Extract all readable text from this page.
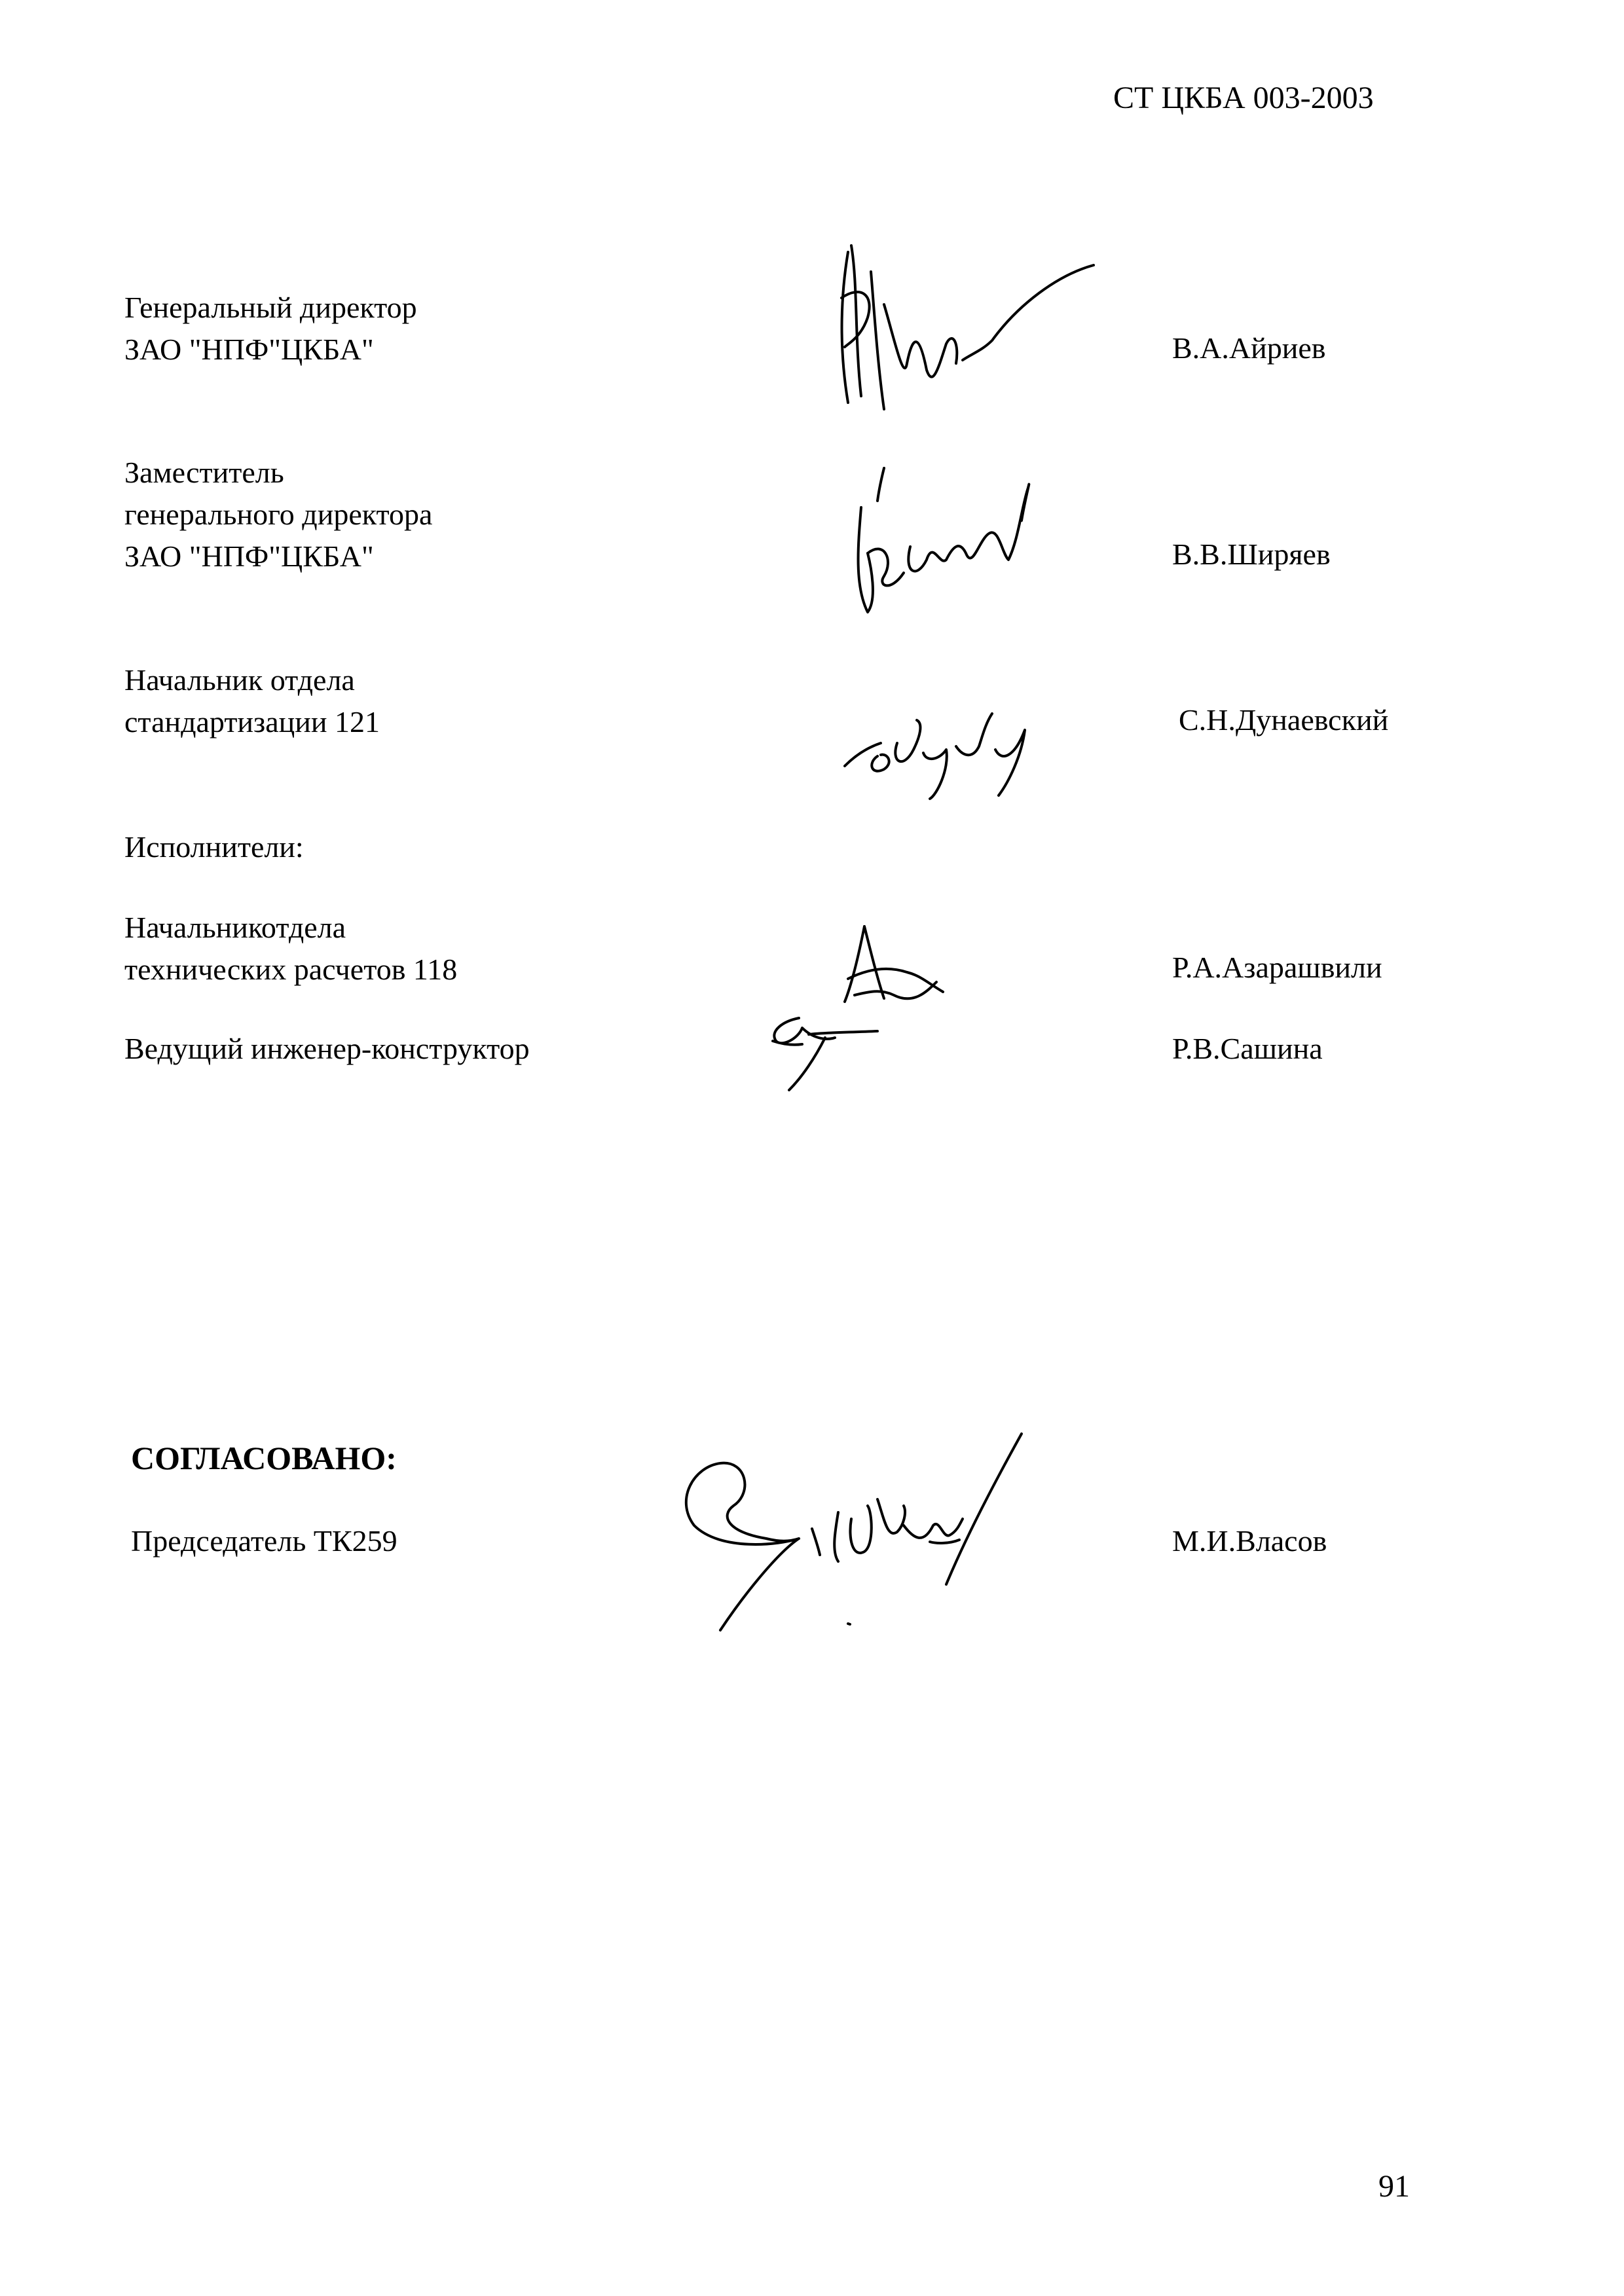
СТ ЦКБА 003-2003
Генеральный директор
ЗАО "НПФ"ЦКБА"	В.А.Айриев
Заместитель
генерального директора
ЗАО "НПФ"ЦКБА"	В.В.Ширяев
Начальник отдела
стандартизации 121	С.Н.Дунаевский
Исполнители:
Начальникотдела
технических расчетов 118	Р.А.Азарашвили
Ведущий инженер-конструктор	Р.В.Сашина
СОГЛАСОВАНО:
Председатель ТК259	М.И.Власов
91
